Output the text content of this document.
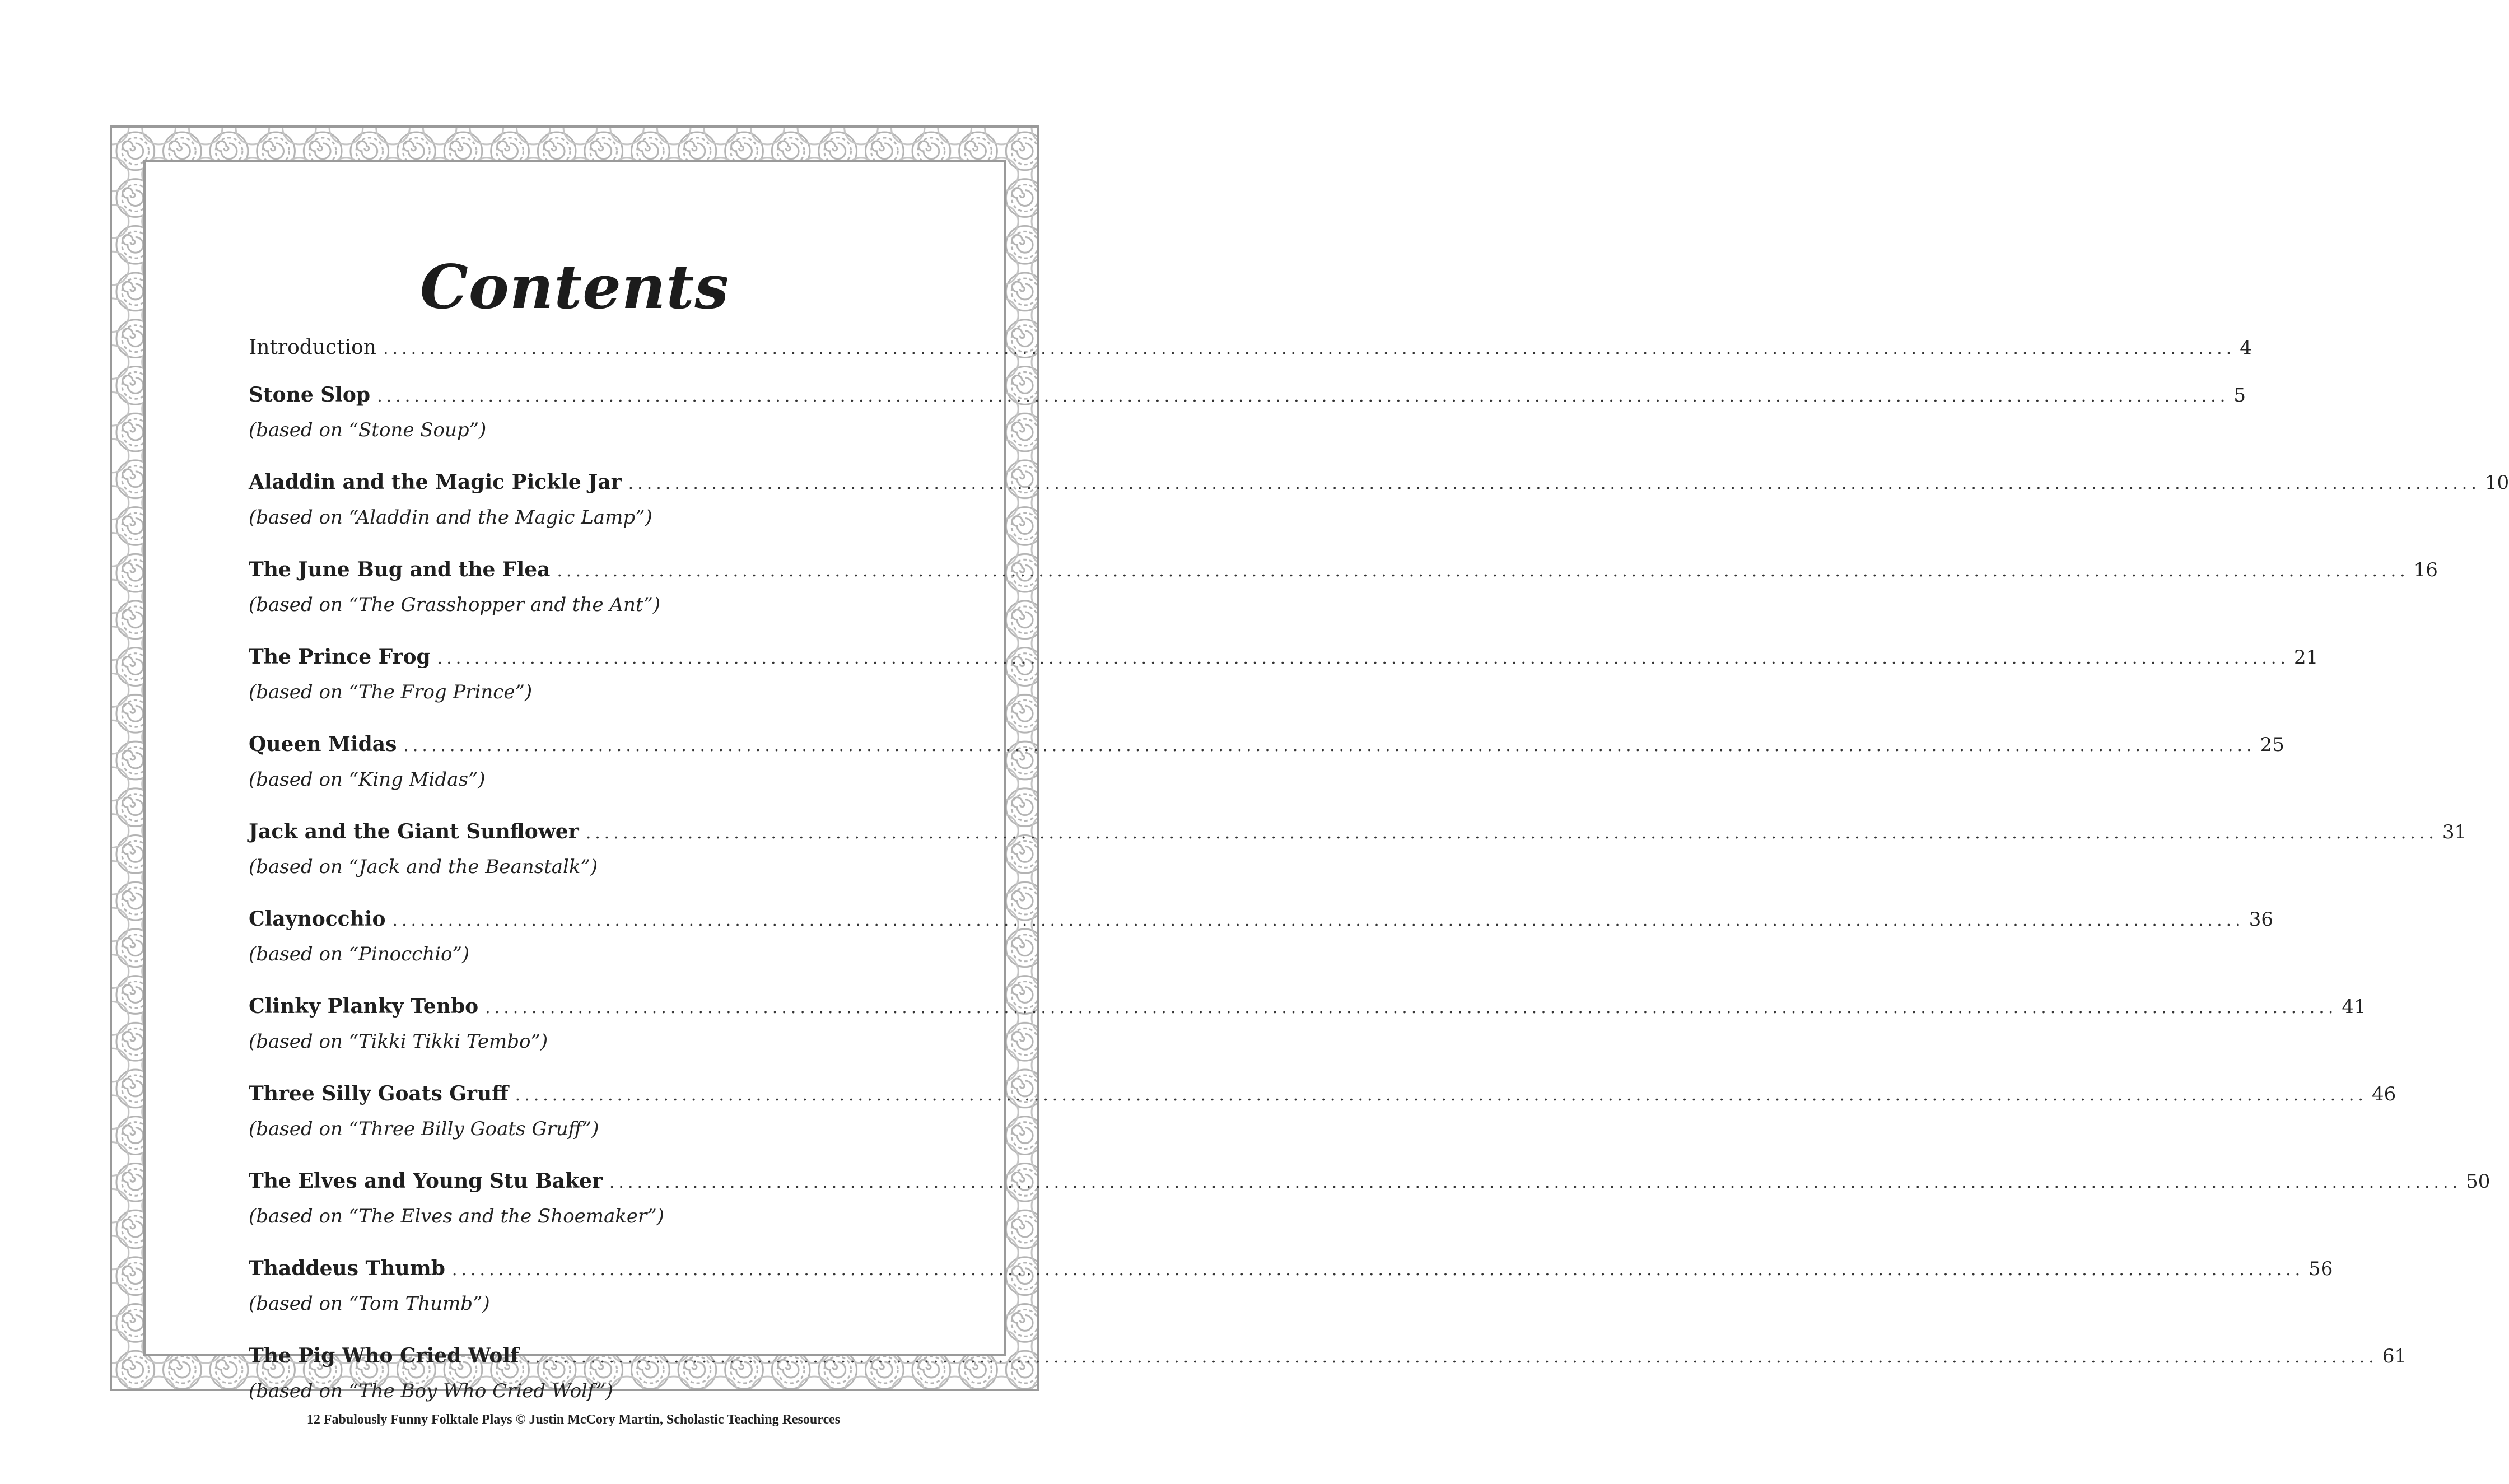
Contents
Introduction ........................................................................................................................................................................................................ 4
Stone Slop ........................................................................................................................................................................................................ 5
(based on “Stone Soup”)
Aladdin and the Magic Pickle Jar ........................................................................................................................................................................................................ 10
(based on “Aladdin and the Magic Lamp”)
The June Bug and the Flea ........................................................................................................................................................................................................ 16
(based on “The Grasshopper and the Ant”)
The Prince Frog ........................................................................................................................................................................................................ 21
(based on “The Frog Prince”)
Queen Midas ........................................................................................................................................................................................................ 25
(based on “King Midas”)
Jack and the Giant Sunflower ........................................................................................................................................................................................................ 31
(based on “Jack and the Beanstalk”)
Claynocchio ........................................................................................................................................................................................................ 36
(based on “Pinocchio”)
Clinky Planky Tenbo ........................................................................................................................................................................................................ 41
(based on “Tikki Tikki Tembo”)
Three Silly Goats Gruff ........................................................................................................................................................................................................ 46
(based on “Three Billy Goats Gruff”)
The Elves and Young Stu Baker ........................................................................................................................................................................................................ 50
(based on “The Elves and the Shoemaker”)
Thaddeus Thumb ........................................................................................................................................................................................................ 56
(based on “Tom Thumb”)
The Pig Who Cried Wolf ........................................................................................................................................................................................................ 61
(based on “The Boy Who Cried Wolf”)
12 Fabulously Funny Folktale Plays © Justin McCory Martin, Scholastic Teaching Resources
